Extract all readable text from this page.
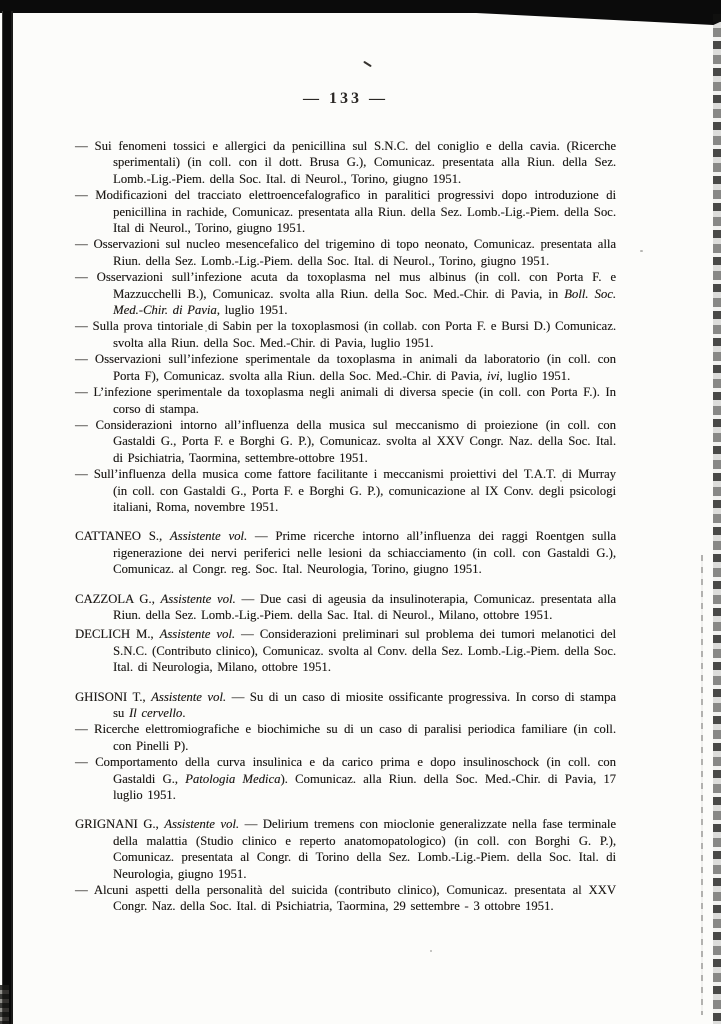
— 133 —

— Sui fenomeni tossici e allergici da penicillina sul S.N.C. del coniglio e della cavia. (Ricerche sperimentali) (in coll. con il dott. Brusa G.), Comunicaz. presentata alla Riun. della Sez. Lomb.-Lig.-Piem. della Soc. Ital. di Neurol., Torino, giugno 1951.

— Modificazioni del tracciato elettroencefalografico in paralitici progressivi dopo introduzione di penicillina in rachide, Comunicaz. presentata alla Riun. della Sez. Lomb.-Lig.-Piem. della Soc. Ital di Neurol., Torino, giugno 1951.

— Osservazioni sul nucleo mesencefalico del trigemino di topo neonato, Comunicaz. presentata alla Riun. della Sez. Lomb.-Lig.-Piem. della Soc. Ital. di Neurol., Torino, giugno 1951.

— Osservazioni sull’infezione acuta da toxoplasma nel mus albinus (in coll. con Porta F. e Mazzucchelli B.), Comunicaz. svolta alla Riun. della Soc. Med.-Chir. di Pavia, in Boll. Soc. Med.-Chir. di Pavia, luglio 1951.

— Sulla prova tintoriale di Sabin per la toxoplasmosi (in collab. con Porta F. e Bursi D.) Comunicaz. svolta alla Riun. della Soc. Med.-Chir. di Pavia, luglio 1951.

— Osservazioni sull’infezione sperimentale da toxoplasma in animali da laboratorio (in coll. con Porta F), Comunicaz. svolta alla Riun. della Soc. Med.-Chir. di Pavia, ivi, luglio 1951.

— L’infezione sperimentale da toxoplasma negli animali di diversa specie (in coll. con Porta F.). In corso di stampa.

— Considerazioni intorno all’influenza della musica sul meccanismo di proiezione (in coll. con Gastaldi G., Porta F. e Borghi G. P.), Comunicaz. svolta al XXV Congr. Naz. della Soc. Ital. di Psichiatria, Taormina, settembre-ottobre 1951.

— Sull’influenza della musica come fattore facilitante i meccanismi proiettivi del T.A.T. di Murray (in coll. con Gastaldi G., Porta F. e Borghi G. P.), comunicazione al IX Conv. degli psicologi italiani, Roma, novembre 1951.

CATTANEO S., Assistente vol. — Prime ricerche intorno all’influenza dei raggi Roentgen sulla rigenerazione dei nervi periferici nelle lesioni da schiacciamento (in coll. con Gastaldi G.), Comunicaz. al Congr. reg. Soc. Ital. Neurologia, Torino, giugno 1951.

CAZZOLA G., Assistente vol. — Due casi di ageusia da insulinoterapia, Comunicaz. presentata alla Riun. della Sez. Lomb.-Lig.-Piem. della Sac. Ital. di Neurol., Milano, ottobre 1951.

DECLICH M., Assistente vol. — Considerazioni preliminari sul problema dei tumori melanotici del S.N.C. (Contributo clinico), Comunicaz. svolta al Conv. della Sez. Lomb.-Lig.-Piem. della Soc. Ital. di Neurologia, Milano, ottobre 1951.

GHISONI T., Assistente vol. — Su di un caso di miosite ossificante progressiva. In corso di stampa su Il cervello.

— Ricerche elettromiografiche e biochimiche su di un caso di paralisi periodica familiare (in coll. con Pinelli P).

— Comportamento della curva insulinica e da carico prima e dopo insulinoschock (in coll. con Gastaldi G., Patologia Medica). Comunicaz. alla Riun. della Soc. Med.-Chir. di Pavia, 17 luglio 1951.

GRIGNANI G., Assistente vol. — Delirium tremens con mioclonie generalizzate nella fase terminale della malattia (Studio clinico e reperto anatomopatologico) (in coll. con Borghi G. P.), Comunicaz. presentata al Congr. di Torino della Sez. Lomb.-Lig.-Piem. della Soc. Ital. di Neurologia, giugno 1951.

— Alcuni aspetti della personalità del suicida (contributo clinico), Comunicaz. presentata al XXV Congr. Naz. della Soc. Ital. di Psichiatria, Taormina, 29 settembre - 3 ottobre 1951.
